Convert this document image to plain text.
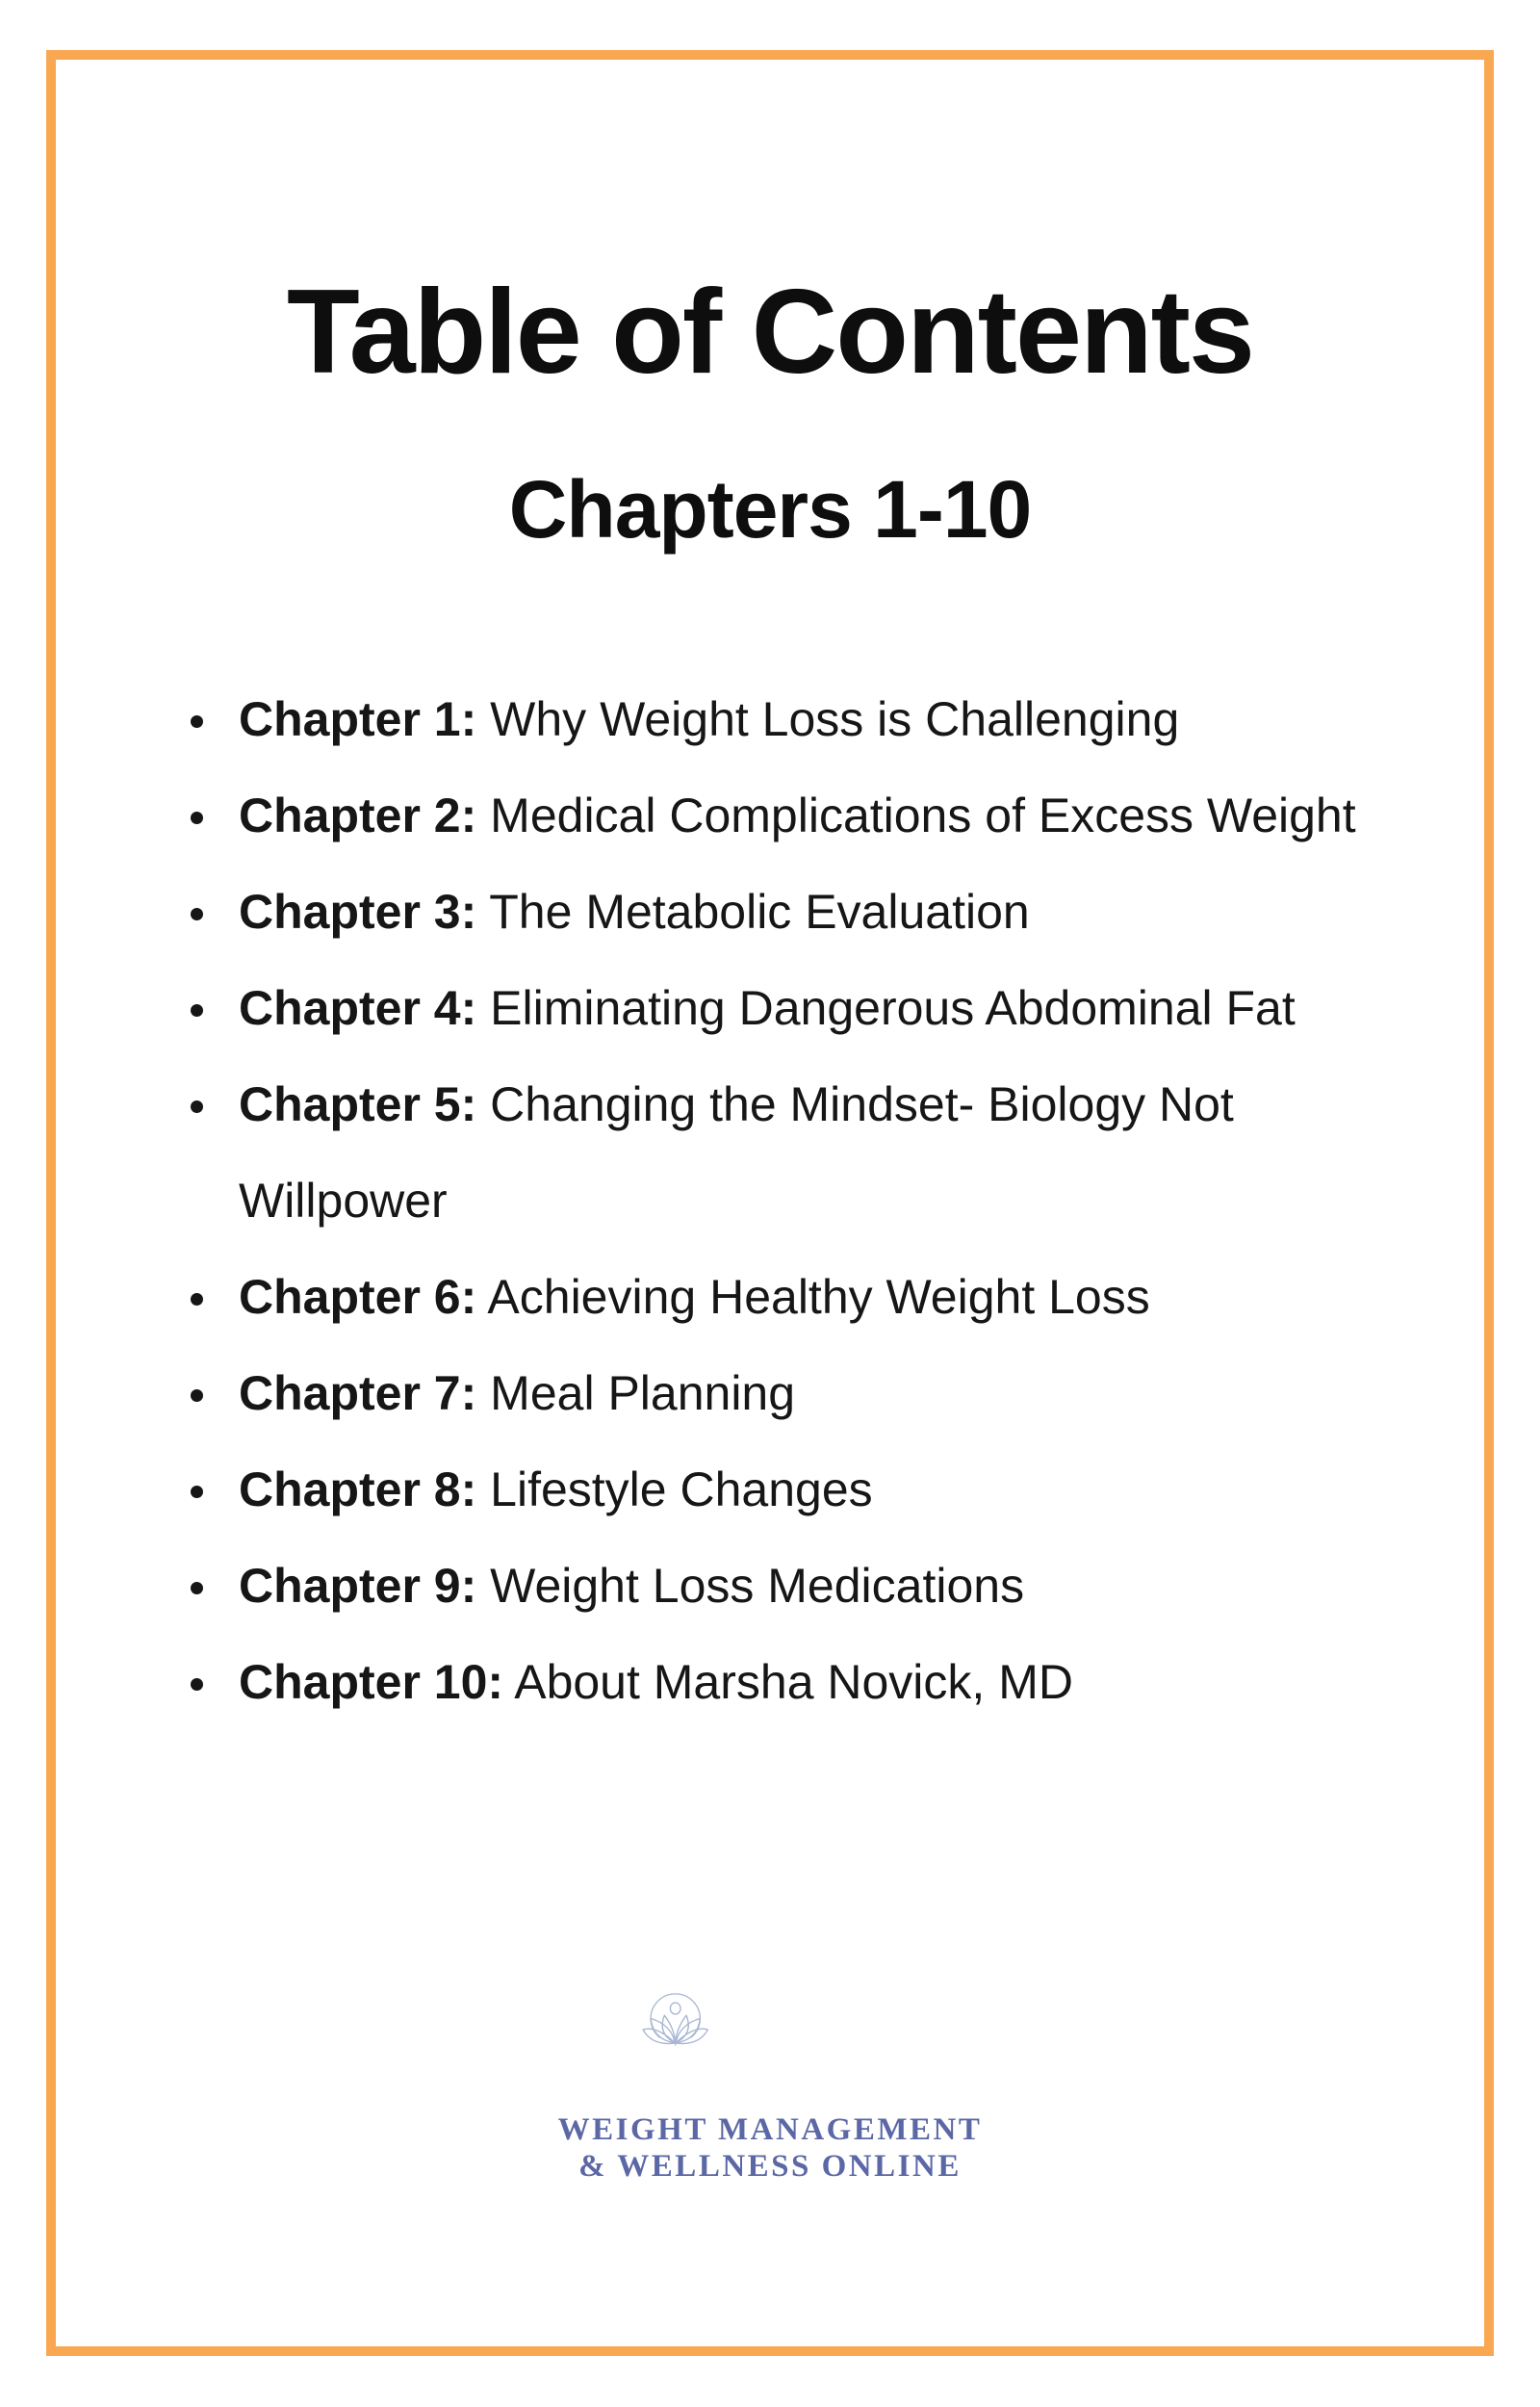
Table of Contents
Chapters 1-10
Chapter 1: Why Weight Loss is Challenging
Chapter 2: Medical Complications of Excess Weight
Chapter 3: The Metabolic Evaluation
Chapter 4: Eliminating Dangerous Abdominal Fat
Chapter 5: Changing the Mindset- Biology Not Willpower
Chapter 6: Achieving Healthy Weight Loss
Chapter 7: Meal Planning
Chapter 8: Lifestyle Changes
Chapter 9: Weight Loss Medications
Chapter 10: About Marsha Novick, MD
WEIGHT MANAGEMENT
& WELLNESS ONLINE
